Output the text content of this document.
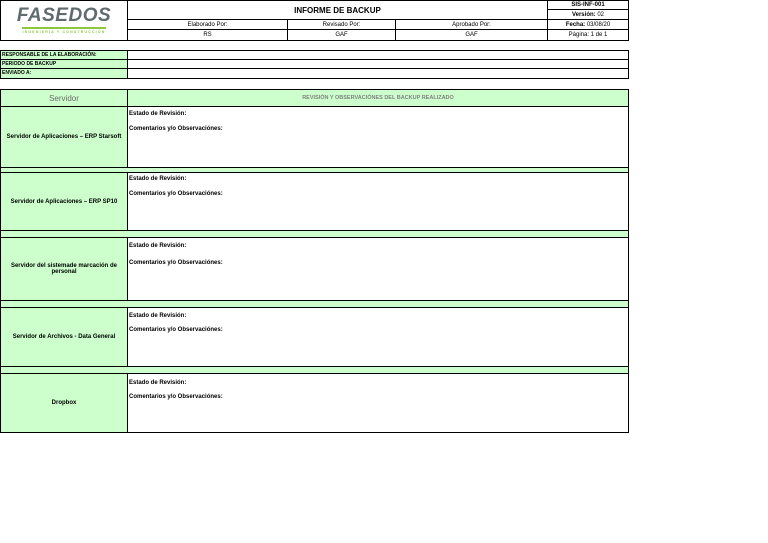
FASEDOS
INGENIERÍA Y CONSTRUCCIÓN
INFORME DE BACKUP
Elaborado Por:	Revisado Por:	Aprobado Por:
RS	GAF	GAF
SIS-INF-001
Versión:
02
Fecha:
03/08/20
Página: 1 de 1
RESPONSABLE DE LA ELABORACIÓN:
PERIODO DE BACKUP
ENVIADO A:
Servidor	REVISIÓN Y OBSERVACIÓNES DEL BACKUP REALIZADO
Servidor de Aplicaciones – ERP Starsoft
Estado de Revisión:
Comentarios y/o Observaciónes:
Servidor de Aplicaciones – ERP SP10
Estado de Revisión:
Comentarios y/o Observaciónes:
Servidor del sistemade marcación de personal
Estado de Revisión:
Comentarios y/o Observaciónes:
Servidor de Archivos - Data General
Estado de Revisión:
Comentarios y/o Observaciónes:
Dropbox
Estado de Revisión:
Comentarios y/o Observaciónes:
